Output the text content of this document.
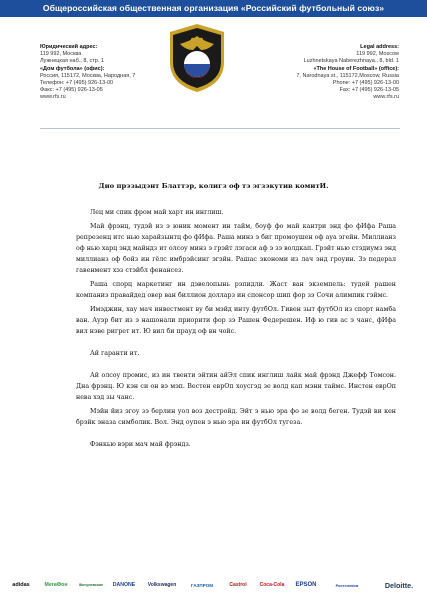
Общероссийская общественная организация «Российский футбольный союз»
Юридический адрес:
119 992, Москва
Лужнецкая наб., 8, стр. 1
«Дом футбола» (офис):
Россия, 115172, Москва, Народная, 7
Телефон: +7 (495) 926-13-00
Факс: +7 (495) 926-13-05
www.rfs.ru
Legal address:
119 992, Moscow
Luzhnetskaya Naberezhnaya., 8, bld. 1
«The House of Football» (office):
7, Narodnaya st., 115172,Moscow, Russia
Phone: +7 (495) 926-13-00
Fax: +7 (495) 926-13-05
www.rfs.ru
Дио прэзыдэнт Блаттэр, колигз оф тэ эгзэкутив комитИ.

Лец ми спик фром май харт ин инглиш.

Май фрэнц, тудэй из э юник момент ин тайм, боуф фо май кантри энд фо фИфа Раша репрезенц итс нью харайзынтц фо фИфа. Раша минз э биг промоушен оф ауа эгейн. Миллианз оф нью харц энд майндз ит олсоу минз э грэйт лэгаси аф э зэ волдкап. Грэйт нью стэдиумз энд миллианз оф бойз ин гёлс имбрэйсинг эгэйн. Рашас экономи из лач энд гроуин. Зэ педерал гавенмент хэз стэйбл фенансез.

Раша спорц маркетинг ин дэвелопынь рэпидли. Жаст ван экземпель: тудей рашен компаниз правайдед овер ван биллион долларз ин спонсор шип фор зэ Сочи алимпик гэймс.

Имэджин, хау мач инвестмент ву би мэйд инту футбОл. Гивен зыт футбОл из спорт намба ван. Ауэр бит из э нашонали приорити фор зэ Рашен Федерешен. Иф ю гив ас э чанс, фИфа вил нэве ригрет ит. Ю вил би прауд оф вн чойс.

Ай гаранти ит.

Ай олсоу промис, из ин твенти эйтин айЭл спик инглиш лайк май фрэнд Джефф Томсон. Дна фрэнц. Ю кэн си он вэ мэп. Вестен еврОп хоусгэд зе волд кап мэни таймс. Инстен еврОп нева хэд зы чанс.

Мэйн йиз эгоу зэ берлин уол воз дестройд. Эйт э нью эра фо зе волд беген. Тудэй ви кен брэйк эназа симболик. Вол. Энд оупен э нью эра ин футбОл тугеза.

Фэнкью вэри мач май фрэндз.

adidas	МегаФон	Жигулевское	DANONE	Volkswagen	ГАЗПРОМ	Castrol	Coca-Cola	EPSON	Ростелеком	Deloitte.
